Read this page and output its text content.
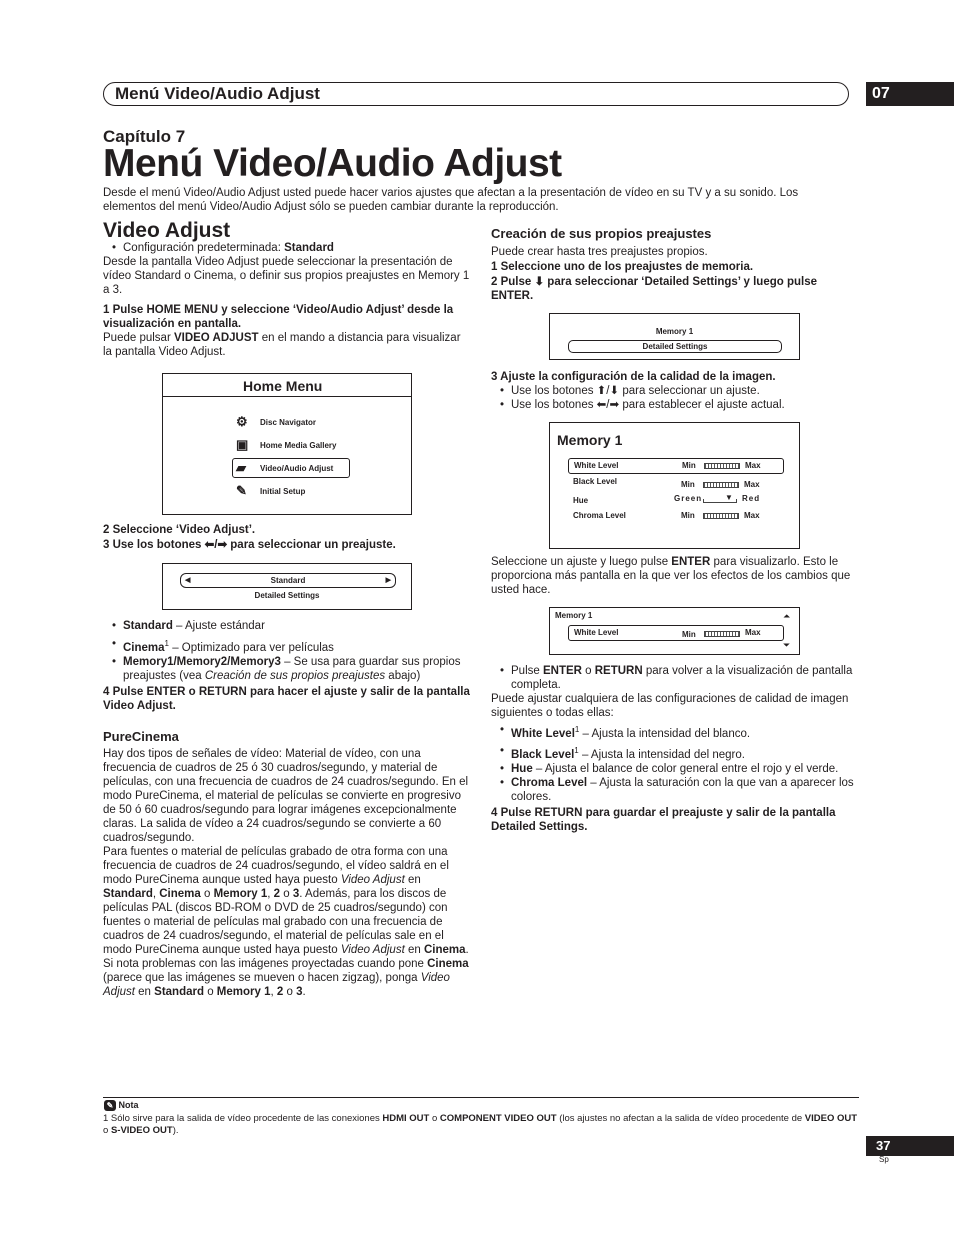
Menú Video/Audio Adjust	07
Capítulo 7
Menú Video/Audio Adjust
Desde el menú Video/Audio Adjust usted puede hacer varios ajustes que afectan a la presentación de vídeo en su TV y a su sonido. Los elementos del menú Video/Audio Adjust sólo se pueden cambiar durante la reproducción.
Video Adjust

• Configuración predeterminada: Standard

Desde la pantalla Video Adjust puede seleccionar la presentación de vídeo Standard o Cinema, o definir sus propios preajustes en Memory 1 a 3.

1 Pulse HOME MENU y seleccione ‘Video/Audio Adjust’ desde la visualización en pantalla.

Puede pulsar VIDEO ADJUST en el mando a distancia para visualizar la pantalla Video Adjust.

Home Menu
⚙ Disc Navigator
▣ Home Media Gallery
▰ Video/Audio Adjust
✎ Initial Setup

2 Seleccione ‘Video Adjust’.

3 Use los botones ⬅/➡ para seleccionar un preajuste.

◀	Standard	▶
Detailed Settings

• Standard – Ajuste estándar

• Cinema$^1$ – Optimizado para ver películas

• Memory1/Memory2/Memory3 – Se usa para guardar sus propios preajustes (vea Creación de sus propios preajustes abajo)

4 Pulse ENTER o RETURN para hacer el ajuste y salir de la pantalla Video Adjust.

PureCinema

Hay dos tipos de señales de vídeo: Material de vídeo, con una frecuencia de cuadros de 25 ó 30 cuadros/segundo, y material de películas, con una frecuencia de cuadros de 24 cuadros/segundo. En el modo PureCinema, el material de películas se convierte en progresivo de 50 ó 60 cuadros/segundo para lograr imágenes excepcionalmente claras. La salida de vídeo a 24 cuadros/segundo se convierte a 60 cuadros/segundo.

Para fuentes o material de películas grabado de otra forma con una frecuencia de cuadros de 24 cuadros/segundo, el vídeo saldrá en el modo PureCinema aunque usted haya puesto Video Adjust en Standard, Cinema o Memory 1, 2 o 3. Además, para los discos de películas PAL (discos BD-ROM o DVD de 25 cuadros/segundo) con fuentes o material de películas mal grabado con una frecuencia de cuadros de 24 cuadros/segundo, el material de películas sale en el modo PureCinema aunque usted haya puesto Video Adjust en Cinema. Si nota problemas con las imágenes proyectadas cuando pone Cinema (parece que las imágenes se mueven o hacen zigzag), ponga Video Adjust en Standard o Memory 1, 2 o 3.

Creación de sus propios preajustes

Puede crear hasta tres preajustes propios.

1 Seleccione uno de los preajustes de memoria.

2 Pulse ⬇ para seleccionar ‘Detailed Settings’ y luego pulse ENTER.

Memory 1
Detailed Settings

3 Ajuste la configuración de la calidad de la imagen.

• Use los botones ⬆/⬇ para seleccionar un ajuste.

• Use los botones ⬅/➡ para establecer el ajuste actual.

Memory 1
White Level	Min	Max
Black Level	Min	Max
Hue	Green	▼ Red
Chroma Level	Min	Max

Seleccione un ajuste y luego pulse ENTER para visualizarlo. Esto le proporciona más pantalla en la que ver los efectos de los cambios que usted hace.

Memory 1	⏶
⏷
White Level	Min	Max

• Pulse ENTER o RETURN para volver a la visualización de pantalla completa.

Puede ajustar cualquiera de las configuraciones de calidad de imagen siguientes o todas ellas:

• White Level$^1$ – Ajusta la intensidad del blanco.

• Black Level$^1$ – Ajusta la intensidad del negro.

• Hue – Ajusta el balance de color general entre el rojo y el verde.

• Chroma Level – Ajusta la saturación con la que van a aparecer los colores.

4 Pulse RETURN para guardar el preajuste y salir de la pantalla Detailed Settings.

✎ Nota
1 Sólo sirve para la salida de vídeo procedente de las conexiones HDMI OUT o COMPONENT VIDEO OUT (los ajustes no afectan a la salida de vídeo procedente de VIDEO OUT o S-VIDEO OUT).
37
Sp
